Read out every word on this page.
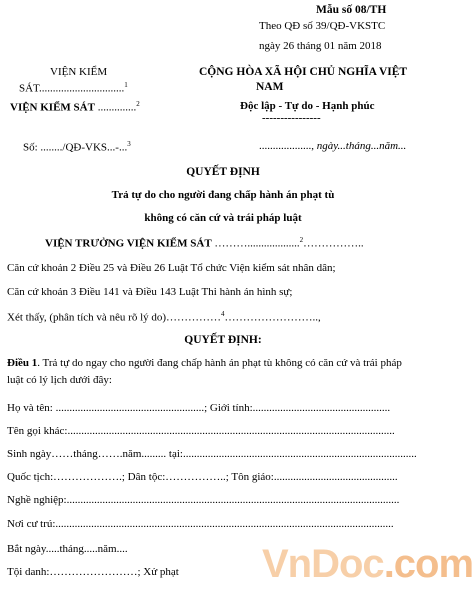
Mẫu số 08/TH
Theo QĐ số 39/QĐ-VKSTC
ngày 26 tháng 01 năm 2018
VIỆN KIỂM
SÁT...............................$^1$
VIỆN KIỂM SÁT ..............$^2$
CỘNG HÒA XÃ HỘI CHỦ NGHĨA VIỆT
NAM
Độc lập - Tự do - Hạnh phúc
----------------
Số: ......../QĐ-VKS...-...$^3$	..................., ngày...tháng...năm...
QUYẾT ĐỊNH
Trả tự do cho người đang chấp hành án phạt tù
không có căn cứ và trái pháp luật
VIỆN TRƯỞNG VIỆN KIỂM SÁT ………...................$^2$……………..
Căn cứ khoản 2 Điều 25 và Điều 26 Luật Tổ chức Viện kiểm sát nhân dân;
Căn cứ khoản 3 Điều 141 và Điều 143 Luật Thi hành án hình sự;
Xét thấy, (phân tích và nêu rõ lý do)……………$^4$……………………..,
QUYẾT ĐỊNH:
Điều 1. Trả tự do ngay cho người đang chấp hành án phạt tù không có căn cứ và trái pháp
luật có lý lịch dưới đây:
Họ và tên: ......................................................; Giới tính:..................................................
Tên gọi khác:.......................................................................................................................
Sinh ngày……tháng…….năm......... tại:.....................................................................................
Quốc tịch:……………….; Dân tộc:……………..; Tôn giáo:.............................................
Nghề nghiệp:.........................................................................................................................
Nơi cư trú:...........................................................................................................................
Bắt ngày.....tháng.....năm....
Tội danh:……………………; Xử phạt VnDoc.com
